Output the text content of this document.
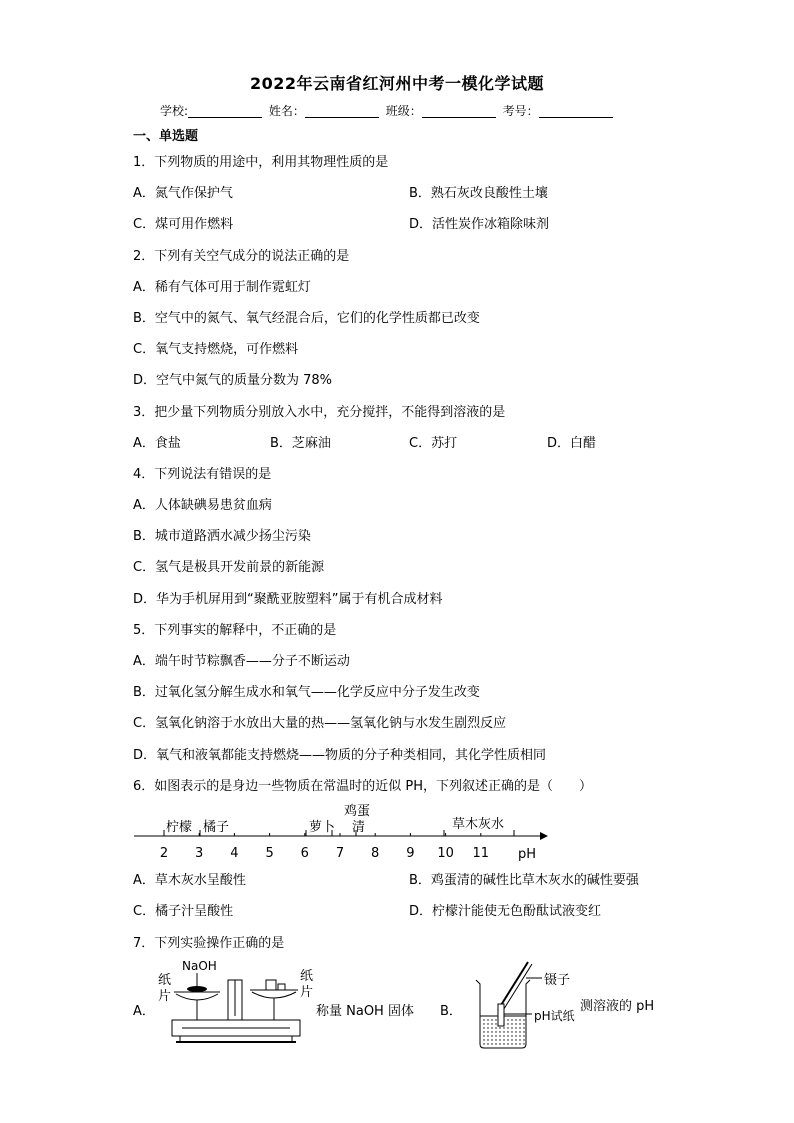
2022年云南省红河州中考一模化学试题
学校:	姓名：	班级：	考号：
一、单选题
1．下列物质的用途中，利用其物理性质的是
A．氮气作保护气	B．熟石灰改良酸性土壤
C．煤可用作燃料	D．活性炭作冰箱除味剂
2．下列有关空气成分的说法正确的是
A．稀有气体可用于制作霓虹灯
B．空气中的氮气、氧气经混合后，它们的化学性质都已改变
C．氧气支持燃烧，可作燃料
D．空气中氮气的质量分数为 78%
3．把少量下列物质分别放入水中，充分搅拌，不能得到溶液的是
A．食盐	B．芝麻油	C．苏打	D．白醋
4．下列说法有错误的是
A．人体缺碘易患贫血病
B．城市道路洒水减少扬尘污染
C．氢气是极具开发前景的新能源
D．华为手机屏用到“聚酰亚胺塑料”属于有机合成材料
5．下列事实的解释中，不正确的是
A．端午时节粽飘香——分子不断运动
B．过氧化氢分解生成水和氧气——化学反应中分子发生改变
C．氢氧化钠溶于水放出大量的热——氢氧化钠与水发生剧烈反应
D．氧气和液氧都能支持燃烧——物质的分子种类相同，其化学性质相同
6．如图表示的是身边一些物质在常温时的近似 PH，下列叙述正确的是（　　）
2 3 4 5 6 7 8 9 10 11
柠檬 橘子	萝卜
鸡蛋
清	草木灰水
pH
A．草木灰水呈酸性	B．鸡蛋清的碱性比草木灰水的碱性要强
C．橘子汁呈酸性	D．柠檬汁能使无色酚酞试液变红
7．下列实验操作正确的是
A．
NaOH
纸
片
纸
片
称量 NaOH 固体 B．
镊子
pH试纸
测溶液的 pH
